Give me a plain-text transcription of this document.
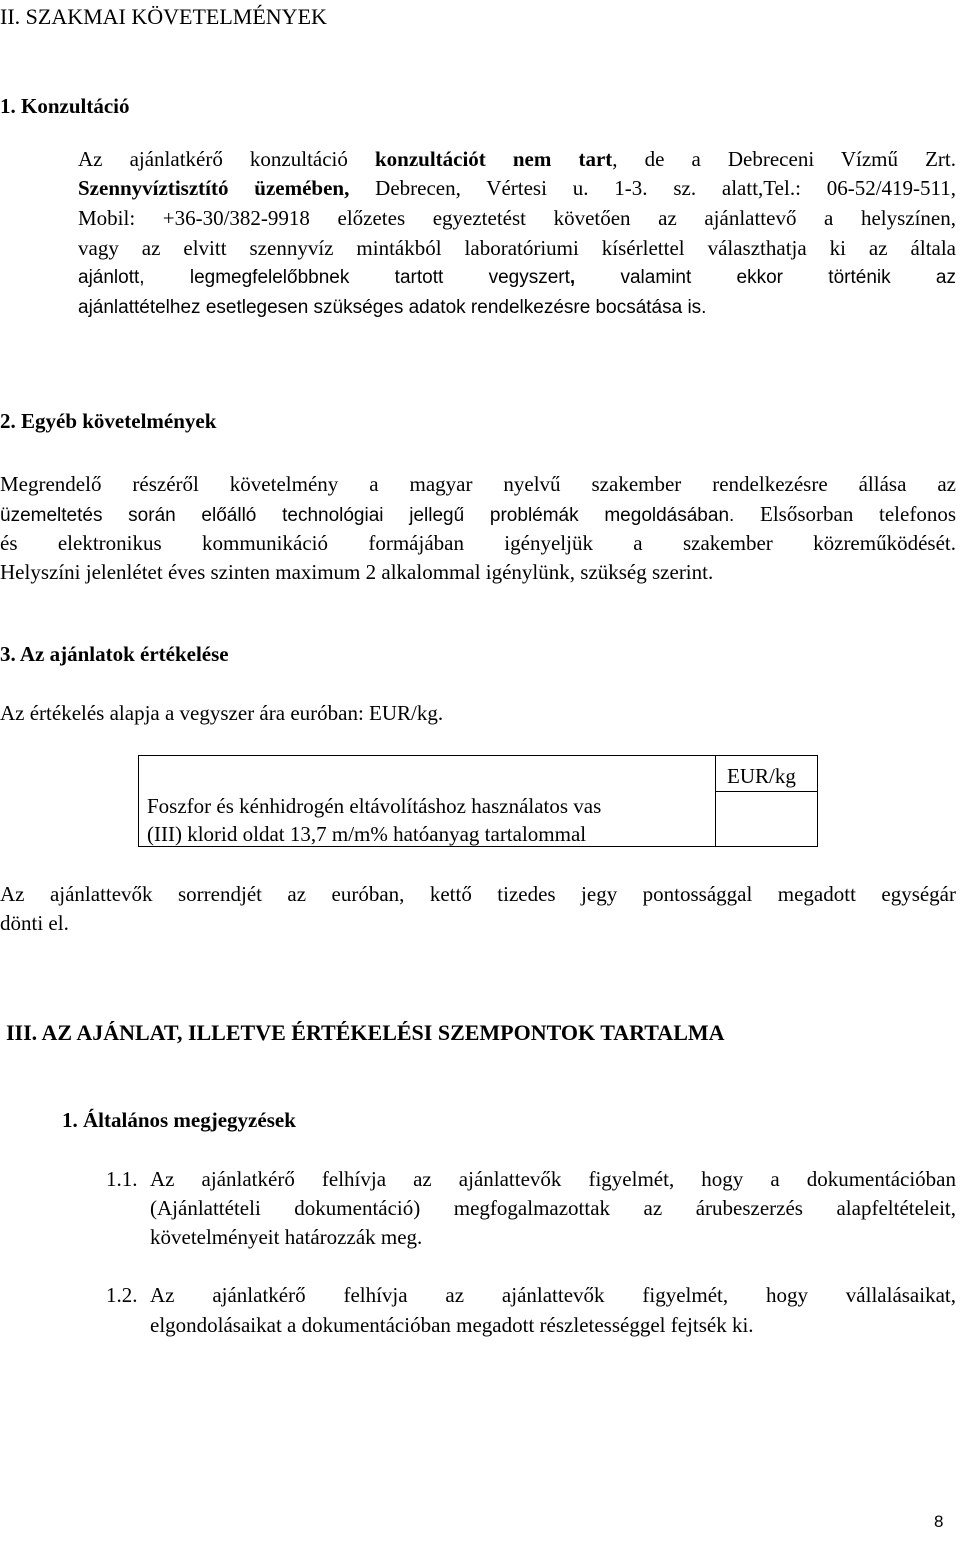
II. SZAKMAI KÖVETELMÉNYEK
1. Konzultáció
Az ajánlatkérő konzultáció konzultációt nem tart, de a Debreceni Vízmű Zrt.
Szennyvíztisztító üzemében, Debrecen, Vértesi u. 1-3. sz. alatt,Tel.: 06-52/419-511,
Mobil: +36-30/382-9918 előzetes egyeztetést követően az ajánlattevő a helyszínen,
vagy az elvitt szennyvíz mintákból laboratóriumi kísérlettel választhatja ki az általa
ajánlott, legmegfelelőbbnek tartott vegyszert, valamint ekkor történik az
ajánlattételhez esetlegesen szükséges adatok rendelkezésre bocsátása is.
2. Egyéb követelmények
Megrendelő részéről követelmény a magyar nyelvű szakember rendelkezésre állása az
üzemeltetés során előálló technológiai jellegű problémák megoldásában. Elsősorban telefonos
és elektronikus kommunikáció formájában igényeljük a szakember közreműködését.
Helyszíni jelenlétet éves szinten maximum 2 alkalommal igénylünk, szükség szerint.
3. Az ajánlatok értékelése
Az értékelés alapja a vegyszer ára euróban: EUR/kg.
EUR/kg
Foszfor és kénhidrogén eltávolításhoz használatos vas
(III) klorid oldat 13,7 m/m% hatóanyag tartalommal
Az ajánlattevők sorrendjét az euróban, kettő tizedes jegy pontossággal megadott egységár
dönti el.
III. AZ AJÁNLAT, ILLETVE ÉRTÉKELÉSI SZEMPONTOK TARTALMA
1. Általános megjegyzések
1.1. Az ajánlatkérő felhívja az ajánlattevők figyelmét, hogy a dokumentációban
(Ajánlattételi dokumentáció) megfogalmazottak az árubeszerzés alapfeltételeit,
követelményeit határozzák meg.
1.2. Az ajánlatkérő felhívja az ajánlattevők figyelmét, hogy vállalásaikat,
elgondolásaikat a dokumentációban megadott részletességgel fejtsék ki.
8
